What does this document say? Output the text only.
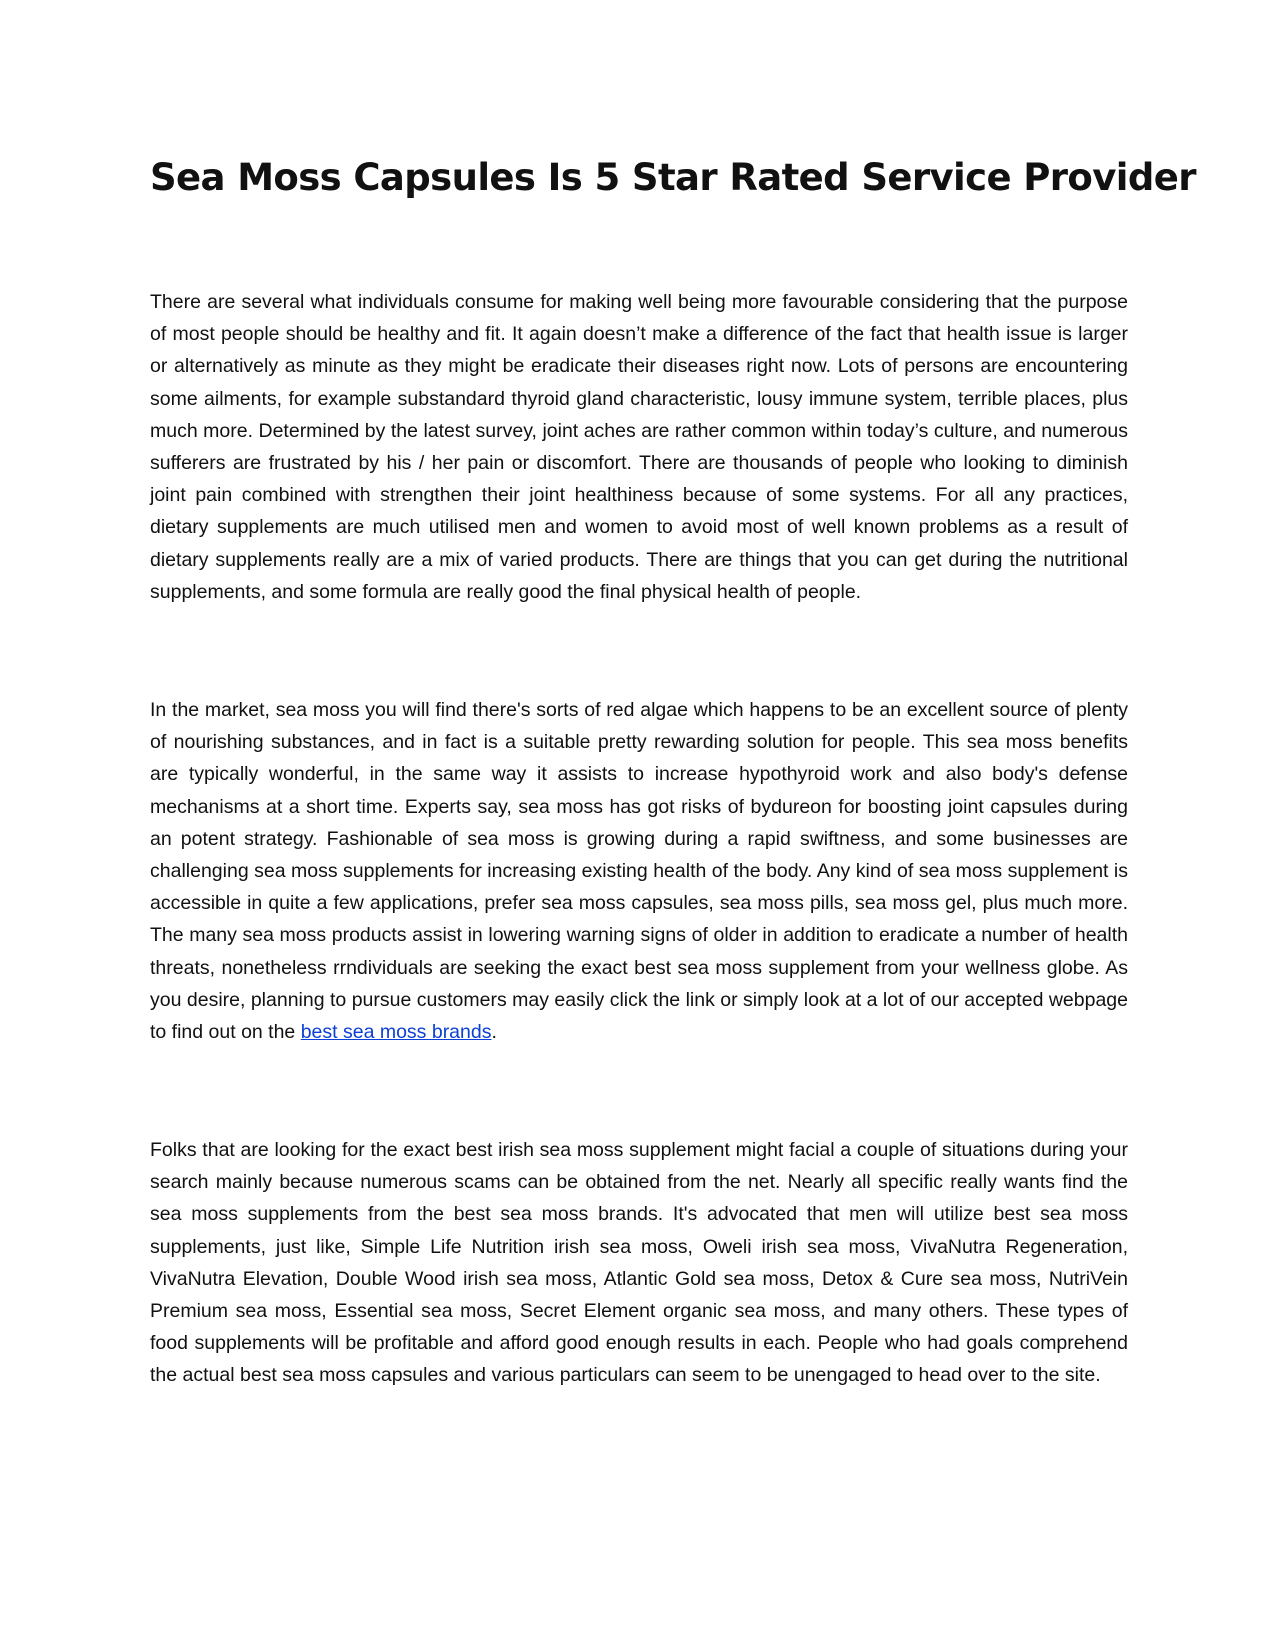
Sea Moss Capsules Is 5 Star Rated Service Provider

There are several what individuals consume for making well being more favourable considering that the purpose of most people should be healthy and fit. It again doesn’t make a difference of the fact that health issue is larger or alternatively as minute as they might be eradicate their diseases right now. Lots of persons are encountering some ailments, for example substandard thyroid gland characteristic, lousy immune system, terrible places, plus much more. Determined by the latest survey, joint aches are rather common within today’s culture, and numerous sufferers are frustrated by his / her pain or discomfort. There are thousands of people who looking to diminish joint pain combined with strengthen their joint healthiness because of some systems. For all any practices, dietary supplements are much utilised men and women to avoid most of well known problems as a result of dietary supplements really are a mix of varied products. There are things that you can get during the nutritional supplements, and some formula are really good the final physical health of people.

In the market, sea moss you will find there's sorts of red algae which happens to be an excellent source of plenty of nourishing substances, and in fact is a suitable pretty rewarding solution for people. This sea moss benefits are typically wonderful, in the same way it assists to increase hypothyroid work and also body's defense mechanisms at a short time. Experts say, sea moss has got risks of bydureon for boosting joint capsules during an potent strategy. Fashionable of sea moss is growing during a rapid swiftness, and some businesses are challenging sea moss supplements for increasing existing health of the body. Any kind of sea moss supplement is accessible in quite a few applications, prefer sea moss capsules, sea moss pills, sea moss gel, plus much more. The many sea moss products assist in lowering warning signs of older in addition to eradicate a number of health threats, nonetheless rrndividuals are seeking the exact best sea moss supplement from your wellness globe. As you desire, planning to pursue customers may easily click the link or simply look at a lot of our accepted webpage to find out on the best sea moss brands.

Folks that are looking for the exact best irish sea moss supplement might facial a couple of situations during your search mainly because numerous scams can be obtained from the net. Nearly all specific really wants find the sea moss supplements from the best sea moss brands. It's advocated that men will utilize best sea moss supplements, just like, Simple Life Nutrition irish sea moss, Oweli irish sea moss, VivaNutra Regeneration, VivaNutra Elevation, Double Wood irish sea moss, Atlantic Gold sea moss, Detox & Cure sea moss, NutriVein Premium sea moss, Essential sea moss, Secret Element organic sea moss, and many others. These types of food supplements will be profitable and afford good enough results in each. People who had goals comprehend the actual best sea moss capsules and various particulars can seem to be unengaged to head over to the site.
